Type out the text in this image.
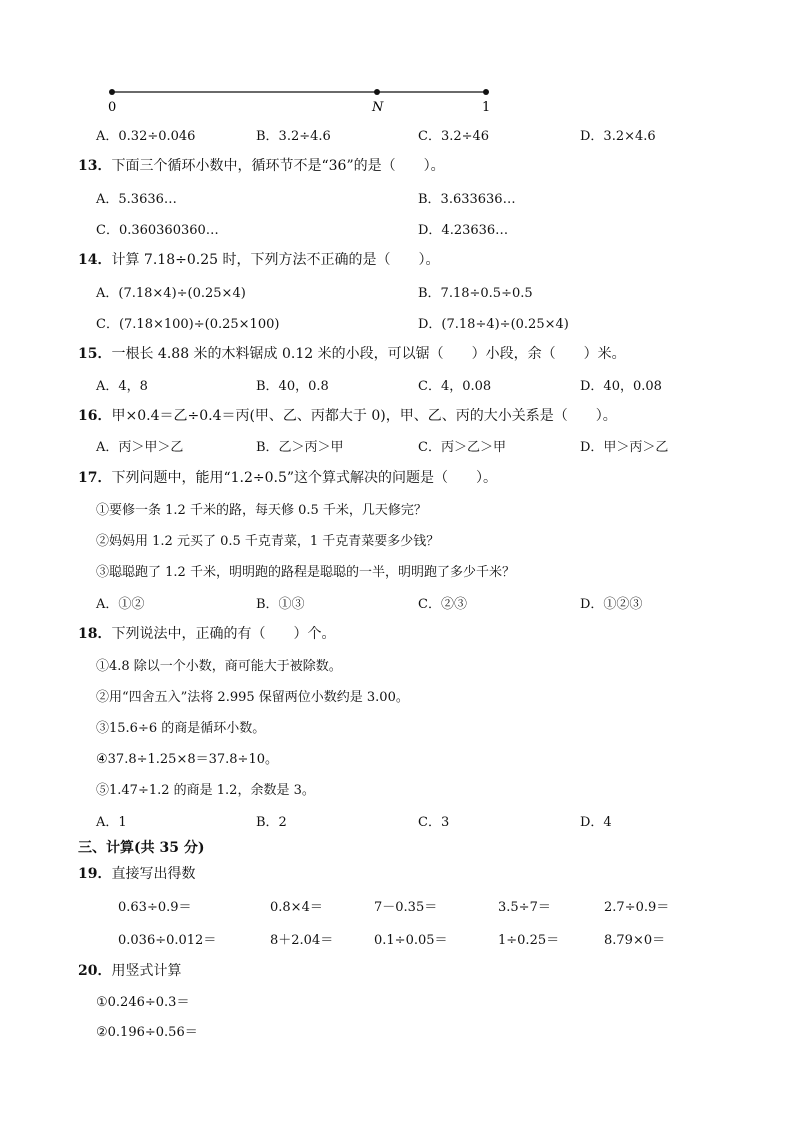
0	N	1
A．0.32÷0.046	B．3.2÷4.6	C．3.2÷46	D．3.2×4.6
13．下面三个循环小数中，循环节不是“36”的是（　　）。
A．5.3636…	B．3.633636…
C．0.360360360…	D．4.23636…
14．计算 7.18÷0.25 时，下列方法不正确的是（　　）。
A．(7.18×4)÷(0.25×4)	B．7.18÷0.5÷0.5
C．(7.18×100)÷(0.25×100)	D．(7.18÷4)÷(0.25×4)
15．一根长 4.88 米的木料锯成 0.12 米的小段，可以锯（　　）小段，余（　　）米。
A．4，8	B．40，0.8	C．4，0.08	D．40，0.08
16．甲×0.4＝乙÷0.4＝丙(甲、乙、丙都大于 0)，甲、乙、丙的大小关系是（　　）。
A．丙＞甲＞乙	B．乙＞丙＞甲	C．丙＞乙＞甲	D．甲＞丙＞乙
17．下列问题中，能用“1.2÷0.5”这个算式解决的问题是（　　）。
①要修一条 1.2 千米的路，每天修 0.5 千米，几天修完？
②妈妈用 1.2 元买了 0.5 千克青菜，1 千克青菜要多少钱？
③聪聪跑了 1.2 千米，明明跑的路程是聪聪的一半，明明跑了多少千米？
A．①②	B．①③	C．②③	D．①②③
18．下列说法中，正确的有（　　）个。
①4.8 除以一个小数，商可能大于被除数。
②用“四舍五入”法将 2.995 保留两位小数约是 3.00。
③15.6÷6 的商是循环小数。
④37.8÷1.25×8＝37.8÷10。
⑤1.47÷1.2 的商是 1.2，余数是 3。
A．1	B．2	C．3	D．4
三、计算(共 35 分)
19．直接写出得数
0.63÷0.9＝	0.8×4＝	7－0.35＝	3.5÷7＝	2.7÷0.9＝
0.036÷0.012＝	8＋2.04＝	0.1÷0.05＝	1÷0.25＝	8.79×0＝
20．用竖式计算
①0.246÷0.3＝
②0.196÷0.56＝
